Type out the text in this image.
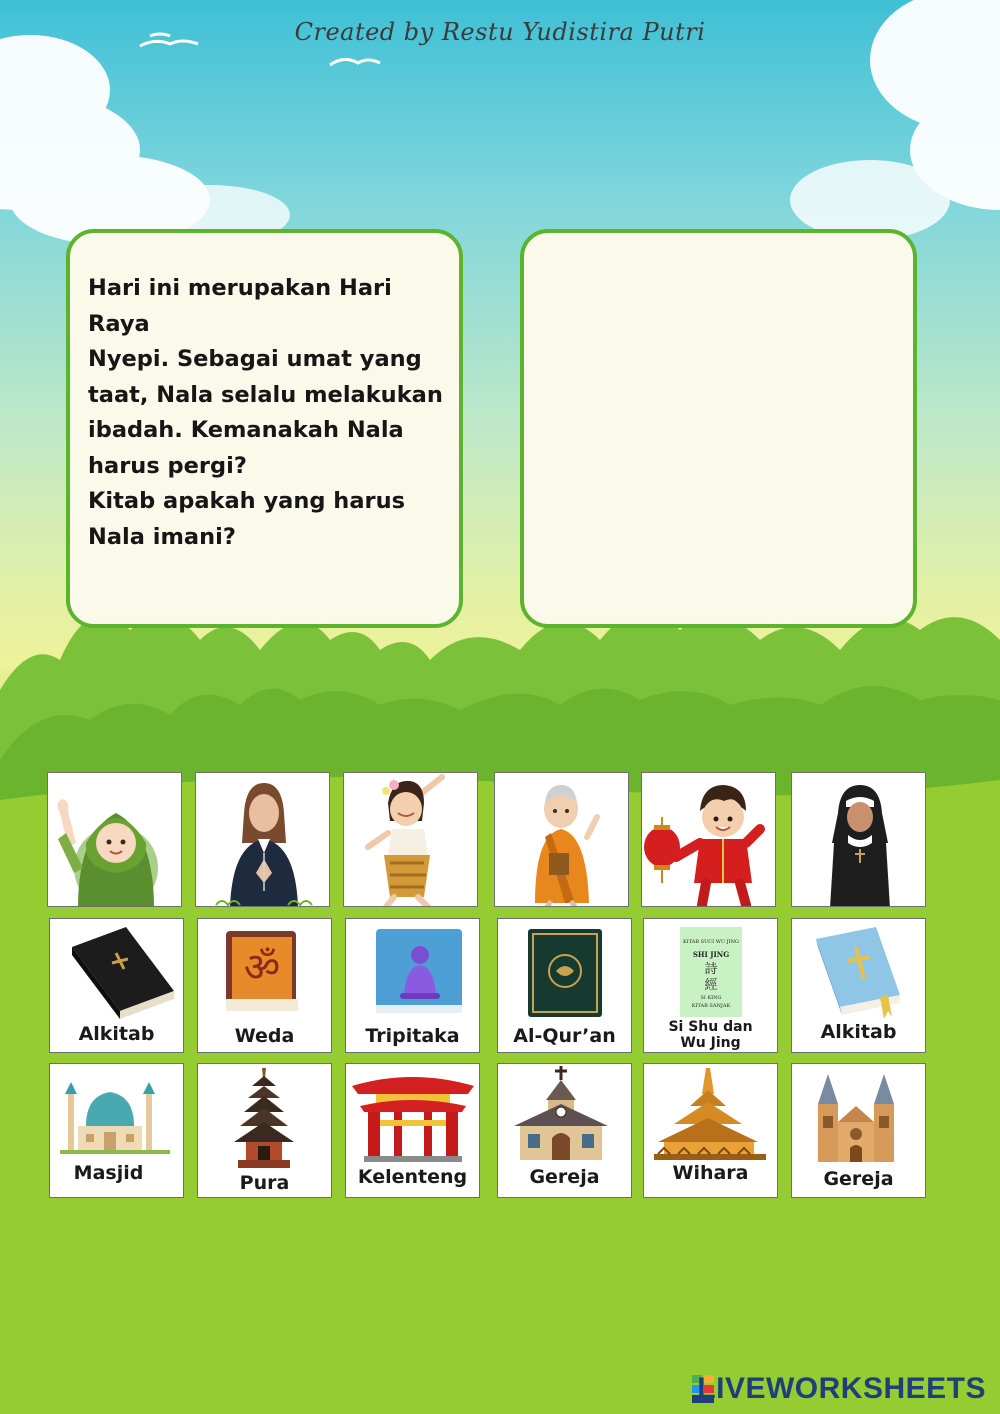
Created by Restu Yudistira Putri

Hari ini merupakan Hari Raya
Nyepi. Sebagai umat yang
taat, Nala selalu melakukan
ibadah. Kemanakah Nala
harus pergi?
Kitab apakah yang harus
Nala imani?

Alkitab
ॐ
Weda	Tripitaka	Al-Qur’an
KITAB SUCI WU JING
SHI JING
詩
經
SI KING
KITAB SANJAK
Si Shu dan
Wu Jing	Alkitab
Masjid	Pura	Kelenteng	Gereja	Wihara	Gereja
LIVEWORKSHEETS
